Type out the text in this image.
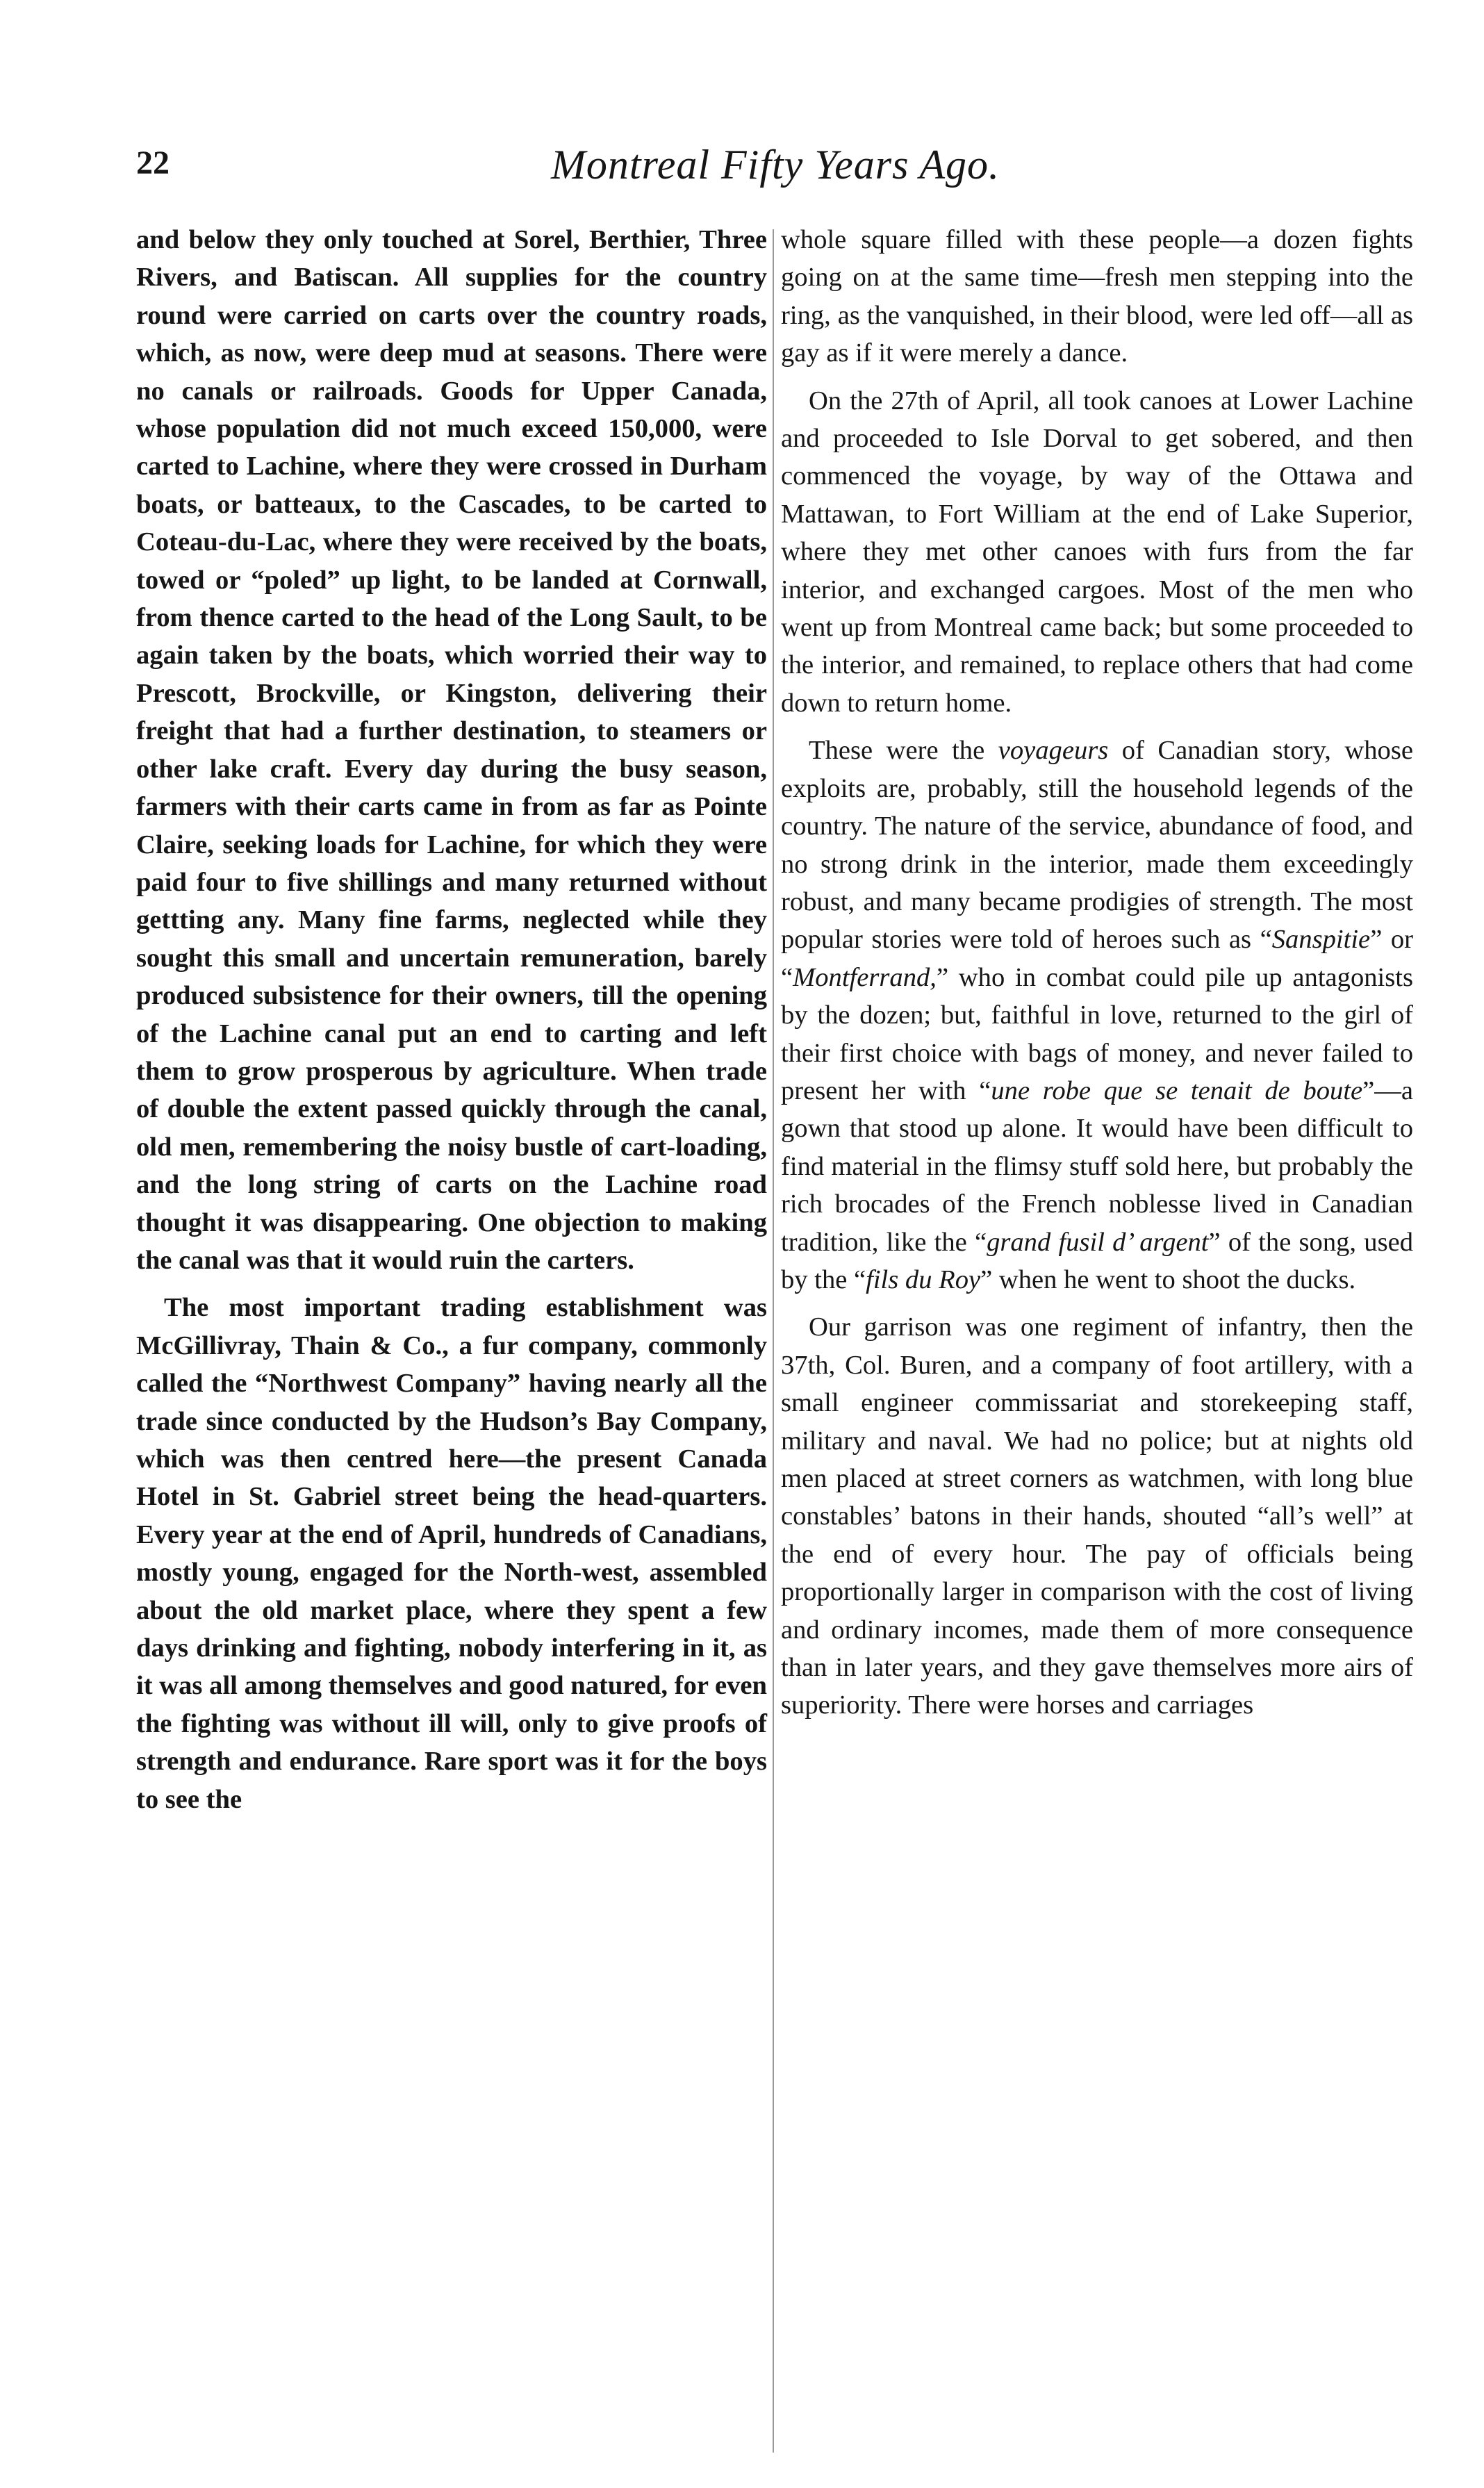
22	Montreal Fifty Years Ago.

and below they only touched at Sorel, Berthier, Three Rivers, and Batiscan. All supplies for the country round were carried on carts over the country roads, which, as now, were deep mud at seasons. There were no canals or railroads. Goods for Upper Canada, whose population did not much exceed 150,000, were carted to Lachine, where they were crossed in Durham boats, or batteaux, to the Cascades, to be carted to Coteau-du-Lac, where they were received by the boats, towed or “poled” up light, to be landed at Cornwall, from thence carted to the head of the Long Sault, to be again taken by the boats, which worried their way to Prescott, Brockville, or Kingston, delivering their freight that had a further destination, to steamers or other lake craft. Every day during the busy season, farmers with their carts came in from as far as Pointe Claire, seeking loads for Lachine, for which they were paid four to five shillings and many returned without gettting any. Many fine farms, neglected while they sought this small and uncertain remuneration, barely produced subsistence for their owners, till the opening of the Lachine canal put an end to carting and left them to grow prosperous by agriculture. When trade of double the extent passed quickly through the canal, old men, remembering the noisy bustle of cart-loading, and the long string of carts on the Lachine road thought it was disappearing. One objection to making the canal was that it would ruin the carters.

The most important trading establishment was McGillivray, Thain & Co., a fur company, commonly called the “Northwest Company” having nearly all the trade since conducted by the Hudson’s Bay Company, which was then centred here—the present Canada Hotel in St. Gabriel street being the head-quarters. Every year at the end of April, hundreds of Canadians, mostly young, engaged for the North-west, assembled about the old market place, where they spent a few days drinking and fighting, nobody interfering in it, as it was all among themselves and good natured, for even the fighting was without ill will, only to give proofs of strength and endurance. Rare sport was it for the boys to see the

whole square filled with these people—a dozen fights going on at the same time—fresh men stepping into the ring, as the vanquished, in their blood, were led off—all as gay as if it were merely a dance.

On the 27th of April, all took canoes at Lower Lachine and proceeded to Isle Dorval to get sobered, and then commenced the voyage, by way of the Ottawa and Mattawan, to Fort William at the end of Lake Superior, where they met other canoes with furs from the far interior, and exchanged cargoes. Most of the men who went up from Montreal came back; but some proceeded to the interior, and remained, to replace others that had come down to return home.

These were the voyageurs of Canadian story, whose exploits are, probably, still the household legends of the country. The nature of the service, abundance of food, and no strong drink in the interior, made them exceedingly robust, and many became prodigies of strength. The most popular stories were told of heroes such as “Sanspitie” or “Montferrand,” who in combat could pile up antagonists by the dozen; but, faithful in love, returned to the girl of their first choice with bags of money, and never failed to present her with “une robe que se tenait de boute”—a gown that stood up alone. It would have been difficult to find material in the flimsy stuff sold here, but probably the rich brocades of the French noblesse lived in Canadian tradition, like the “grand fusil d’ argent” of the song, used by the “fils du Roy” when he went to shoot the ducks.

Our garrison was one regiment of infantry, then the 37th, Col. Buren, and a company of foot artillery, with a small engineer commissariat and storekeeping staff, military and naval. We had no police; but at nights old men placed at street corners as watchmen, with long blue constables’ batons in their hands, shouted “all’s well” at the end of every hour. The pay of officials being proportionally larger in comparison with the cost of living and ordinary incomes, made them of more consequence than in later years, and they gave themselves more airs of superiority. There were horses and carriages
